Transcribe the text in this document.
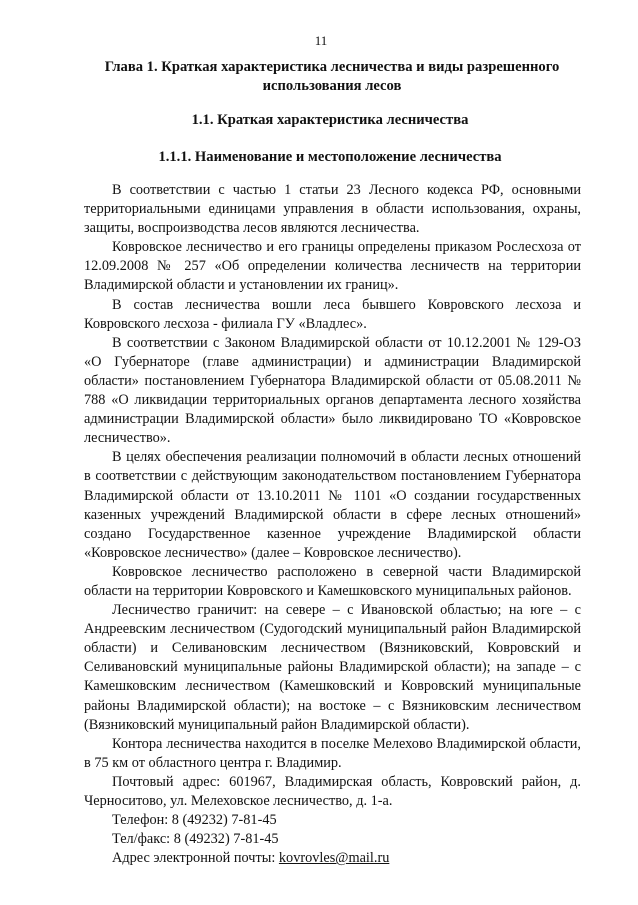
11
Глава 1. Краткая характеристика лесничества и виды разрешенного использования лесов
1.1. Краткая характеристика лесничества
1.1.1. Наименование и местоположение лесничества

В соответствии с частью 1 статьи 23 Лесного кодекса РФ, основными территориальными единицами управления в области использования, охраны, защиты, воспроизводства лесов являются лесничества.

Ковровское лесничество и его границы определены приказом Рослесхоза от 12.09.2008 № 257 «Об определении количества лесничеств на территории Владимирской области и установлении их границ».

В состав лесничества вошли леса бывшего Ковровского лесхоза и Ковровского лесхоза - филиала ГУ «Владлес».

В соответствии с Законом Владимирской области от 10.12.2001 № 129-ОЗ «О Губернаторе (главе администрации) и администрации Владимирской области» постановлением Губернатора Владимирской области от 05.08.2011 № 788 «О ликвидации территориальных органов департамента лесного хозяйства администрации Владимирской области» было ликвидировано ТО «Ковровское лесничество».

В целях обеспечения реализации полномочий в области лесных отношений в соответствии с действующим законодательством постановлением Губернатора Владимирской области от 13.10.2011 № 1101 «О создании государственных казенных учреждений Владимирской области в сфере лесных отношений» создано Государственное казенное учреждение Владимирской области «Ковровское лесничество» (далее – Ковровское лесничество).

Ковровское лесничество расположено в северной части Владимирской области на территории Ковровского и Камешковского муниципальных районов.

Лесничество граничит: на севере – с Ивановской областью; на юге – с Андреевским лесничеством (Судогодский муниципальный район Владимирской области) и Селивановским лесничеством (Вязниковский, Ковровский и Селивановский муниципальные районы Владимирской области); на западе – с Камешковским лесничеством (Камешковский и Ковровский муниципальные районы Владимирской области); на востоке – с Вязниковским лесничеством (Вязниковский муниципальный район Владимирской области).

Контора лесничества находится в поселке Мелехово Владимирской области, в 75 км от областного центра г. Владимир.

Почтовый адрес: 601967, Владимирская область, Ковровский район, д. Черноситово, ул. Мелеховское лесничество, д. 1-а.

Телефон: 8 (49232) 7-81-45

Тел/факс: 8 (49232) 7-81-45

Адрес электронной почты: kovrovles@mail.ru
